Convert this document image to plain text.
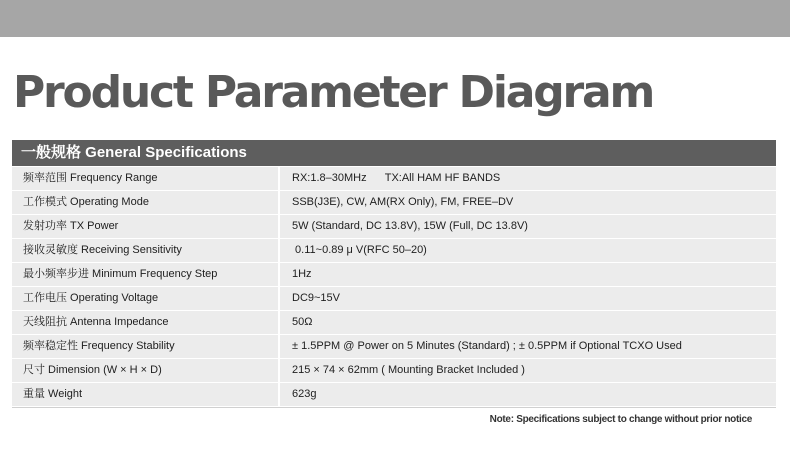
Product Parameter Diagram
一般规格 General Specifications
频率范围 Frequency Range	RX:1.8–30MHz      TX:All HAM HF BANDS
工作模式 Operating Mode	SSB(J3E), CW, AM(RX Only), FM, FREE–DV
发射功率 TX Power	5W (Standard, DC 13.8V), 15W (Full, DC 13.8V)
接收灵敏度 Receiving Sensitivity	0.11~0.89 μ V(RFC 50–20)
最小频率步进 Minimum Frequency Step	1Hz
工作电压 Operating Voltage	DC9~15V
天线阻抗 Antenna Impedance	50Ω
频率稳定性 Frequency Stability	± 1.5PPM @ Power on 5 Minutes (Standard) ; ± 0.5PPM if Optional TCXO Used
尺寸 Dimension (W × H × D)	215 × 74 × 62mm ( Mounting Bracket Included )
重量 Weight	623g
Note: Specifications subject to change without prior notice
